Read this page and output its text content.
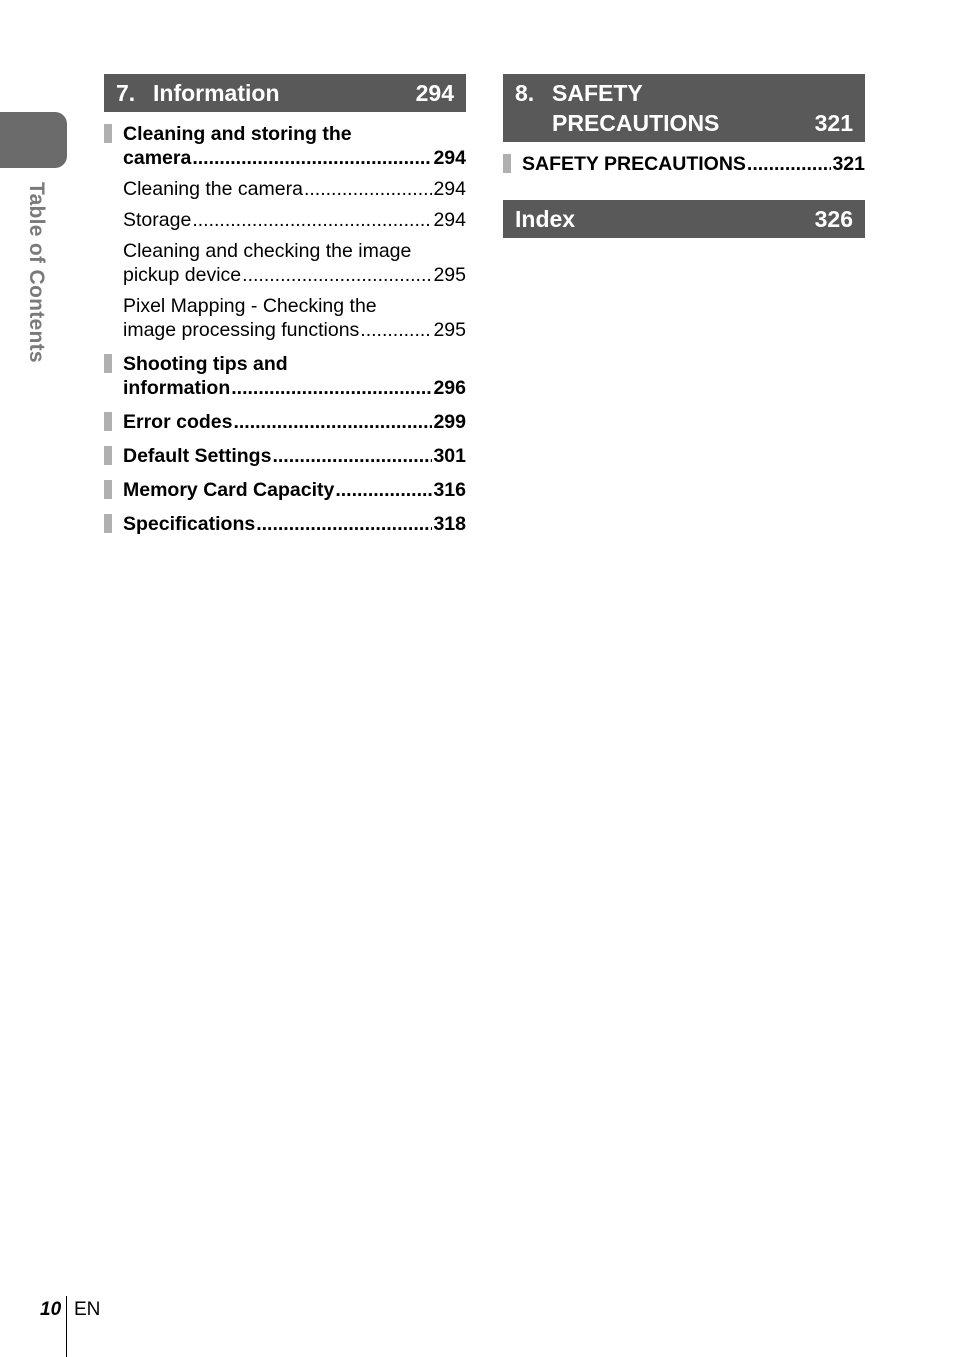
Table of Contents
7. Information	294
Cleaning and storing the
camera .....	294
Cleaning the camera .....	294
Storage .....	294
Cleaning and checking the image
pickup device .....	295
Pixel Mapping - Checking the
image processing functions .....	295
Shooting tips and
information .....	296
Error codes .....	299
Default Settings .....	301
Memory Card Capacity .....	316
Specifications .....	318
8. SAFETY
PRECAUTIONS	321
SAFETY PRECAUTIONS .....	321
Index	326
10 EN
